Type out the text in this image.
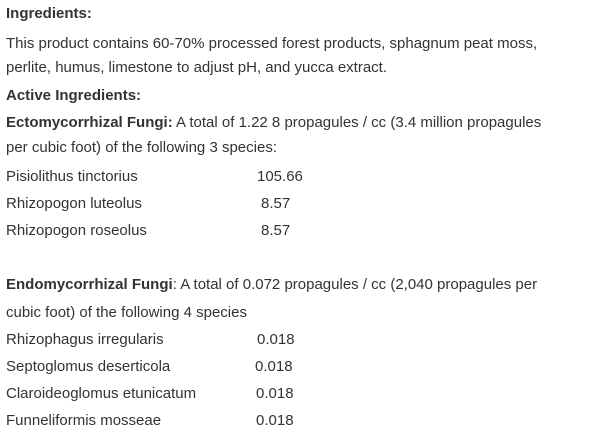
Ingredients:
This product contains 60-70% processed forest products, sphagnum peat moss,
perlite, humus, limestone to adjust pH, and yucca extract.
Active Ingredients:
Ectomycorrhizal Fungi: A total of 1.22 8 propagules / cc (3.4 million propagules
per cubic foot) of the following 3 species:
Pisiolithus tinctorius	105.66
Rhizopogon luteolus	8.57
Rhizopogon roseolus	8.57
Endomycorrhizal Fungi: A total of 0.072 propagules / cc (2,040 propagules per
cubic foot) of the following 4 species
Rhizophagus irregularis	0.018
Septoglomus deserticola	0.018
Claroideoglomus etunicatum	0.018
Funneliformis mosseae	0.018
